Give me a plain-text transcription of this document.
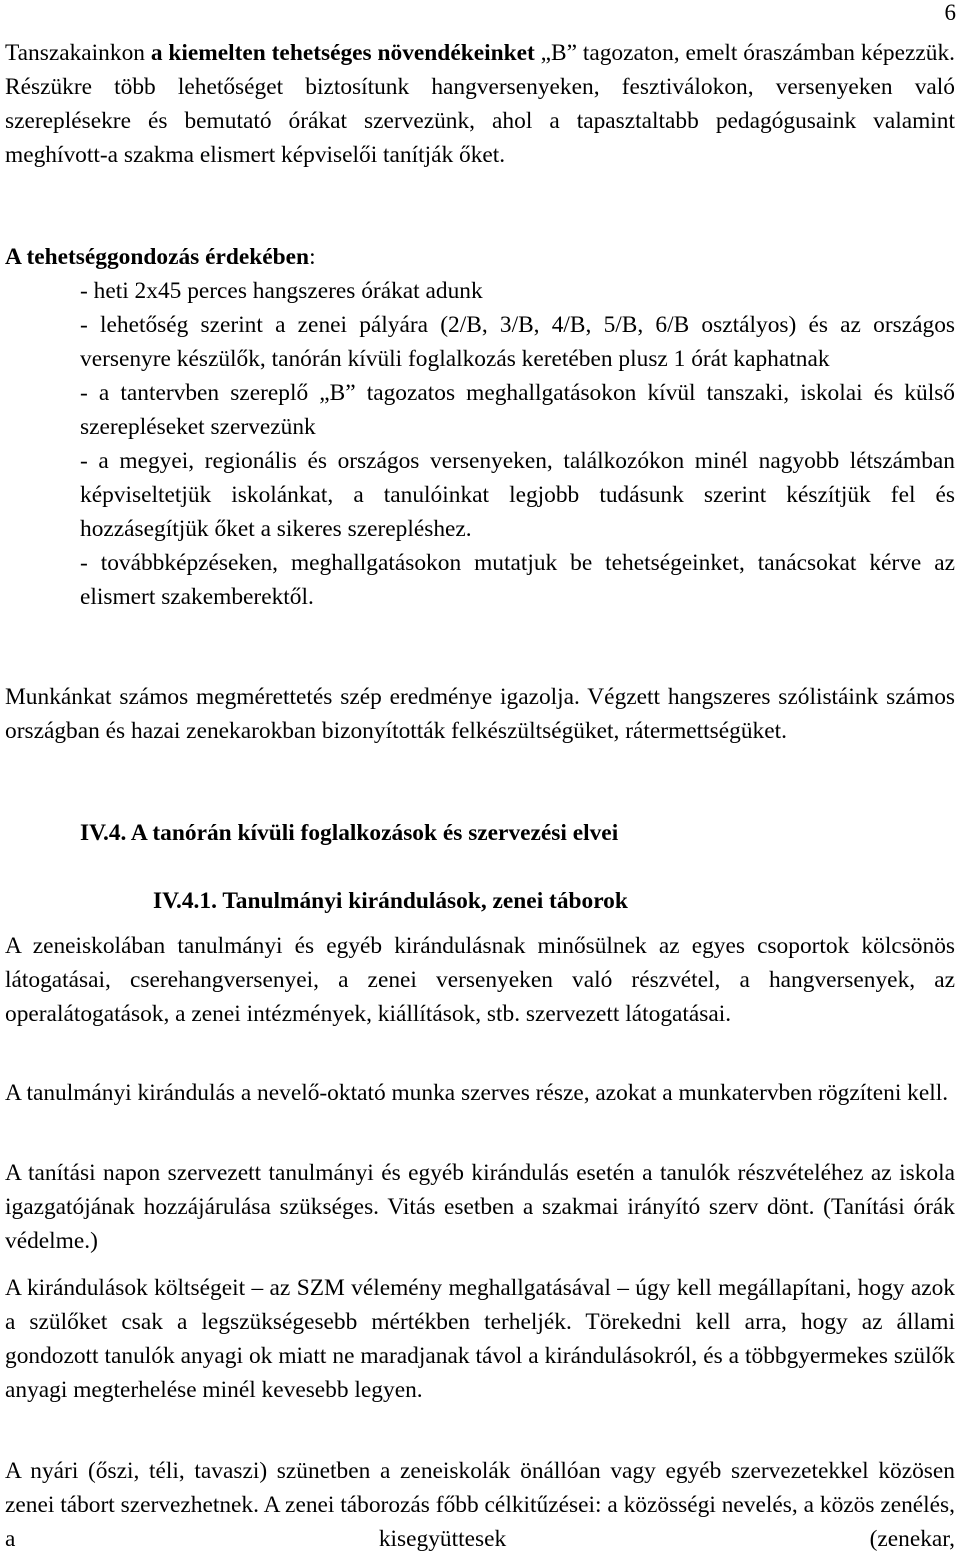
6

Tanszakainkon a kiemelten tehetséges növendékeinket „B” tagozaton, emelt óraszámban képezzük. Részükre több lehetőséget biztosítunk hangversenyeken, fesztiválokon, versenyeken való szereplésekre és bemutató órákat szervezünk, ahol a tapasztaltabb pedagógusaink valamint meghívott-a szakma elismert képviselői tanítják őket.

A tehetséggondozás érdekében:

- heti 2x45 perces hangszeres órákat adunk
- lehetőség szerint a zenei pályára (2/B, 3/B, 4/B, 5/B, 6/B osztályos) és az országos versenyre készülők, tanórán kívüli foglalkozás keretében plusz 1 órát kaphatnak
- a tantervben szereplő „B” tagozatos meghallgatásokon kívül tanszaki, iskolai és külső szerepléseket szervezünk
- a megyei, regionális és országos versenyeken, találkozókon minél nagyobb létszámban képviseltetjük iskolánkat, a tanulóinkat legjobb tudásunk szerint készítjük fel és hozzásegítjük őket a sikeres szerepléshez.
- továbbképzéseken, meghallgatásokon mutatjuk be tehetségeinket, tanácsokat kérve az elismert szakemberektől.

Munkánkat számos megmérettetés szép eredménye igazolja. Végzett hangszeres szólistáink számos országban és hazai zenekarokban bizonyították felkészültségüket, rátermettségüket.

IV.4. A tanórán kívüli foglalkozások és szervezési elvei
IV.4.1. Tanulmányi kirándulások, zenei táborok

A zeneiskolában tanulmányi és egyéb kirándulásnak minősülnek az egyes csoportok kölcsönös látogatásai, cserehangversenyei, a zenei versenyeken való részvétel, a hangversenyek, az operalátogatások, a zenei intézmények, kiállítások, stb. szervezett látogatásai.

A tanulmányi kirándulás a nevelő-oktató munka szerves része, azokat a munkatervben rögzíteni kell.

A tanítási napon szervezett tanulmányi és egyéb kirándulás esetén a tanulók részvételéhez az iskola igazgatójának hozzájárulása szükséges. Vitás esetben a szakmai irányító szerv dönt. (Tanítási órák védelme.)

A kirándulások költségeit – az SZM vélemény meghallgatásával – úgy kell megállapítani, hogy azok a szülőket csak a legszükségesebb mértékben terheljék. Törekedni kell arra, hogy az állami gondozott tanulók anyagi ok miatt ne maradjanak távol a kirándulásokról, és a többgyermekes szülők anyagi megterhelése minél kevesebb legyen.

A nyári (őszi, téli, tavaszi) szünetben a zeneiskolák önállóan vagy egyéb szervezetekkel közösen zenei tábort szervezhetnek. A zenei táborozás főbb célkitűzései: a közösségi nevelés, a közös zenélés, a kisegyüttesek (zenekar,
